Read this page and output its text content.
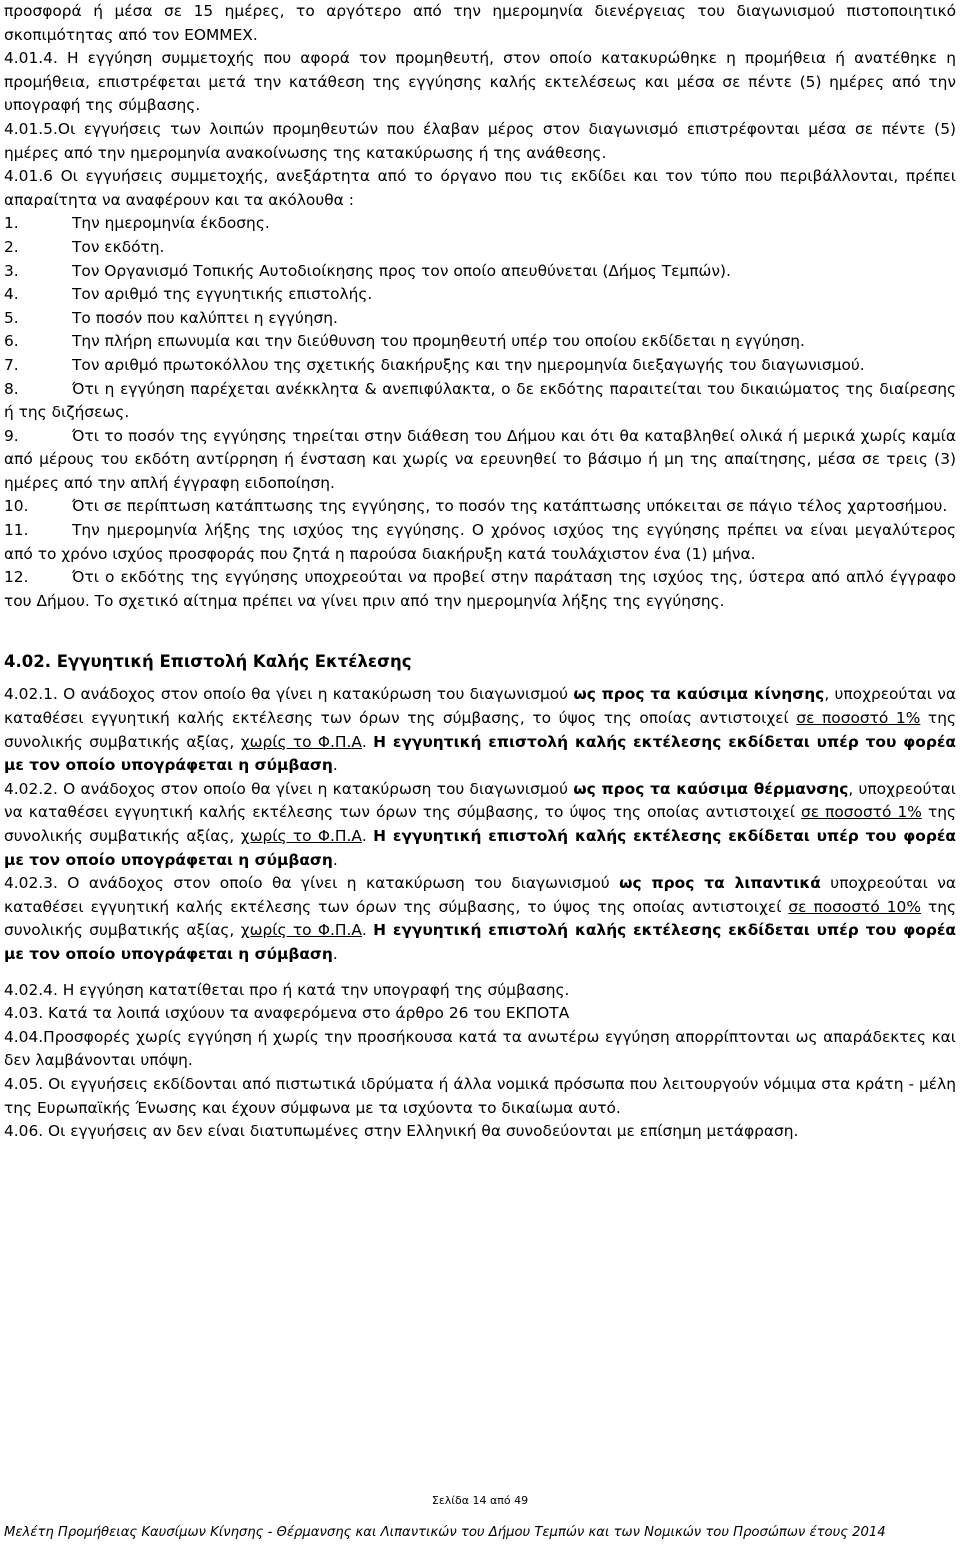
προσφορά ή μέσα σε 15 ημέρες, το αργότερο από την ημερομηνία διενέργειας του διαγωνισμού πιστοποιητικό σκοπιμότητας από τον ΕΟΜΜΕΧ.

4.01.4. Η εγγύηση συμμετοχής που αφορά τον προμηθευτή, στον οποίο κατακυρώθηκε η προμήθεια ή ανατέθηκε η προμήθεια, επιστρέφεται μετά την κατάθεση της εγγύησης καλής εκτελέσεως και μέσα σε πέντε (5) ημέρες από την υπογραφή της σύμβασης.

4.01.5.Οι εγγυήσεις των λοιπών προμηθευτών που έλαβαν μέρος στον διαγωνισμό επιστρέφονται μέσα σε πέντε (5) ημέρες από την ημερομηνία ανακοίνωσης της κατακύρωσης ή της ανάθεσης.

4.01.6 Οι εγγυήσεις συμμετοχής, ανεξάρτητα από το όργανο που τις εκδίδει και τον τύπο που περιβάλλονται, πρέπει απαραίτητα να αναφέρουν και τα ακόλουθα :

1.	Την ημερομηνία έκδοσης.

2.	Τον εκδότη.

3.	Τον Οργανισμό Τοπικής Αυτοδιοίκησης προς τον οποίο απευθύνεται (Δήμος Τεμπών).

4.	Τον αριθμό της εγγυητικής επιστολής.

5.	Το ποσόν που καλύπτει η εγγύηση.

6.	Την πλήρη επωνυμία και την διεύθυνση του προμηθευτή υπέρ του οποίου εκδίδεται η εγγύηση.

7.	Τον αριθμό πρωτοκόλλου της σχετικής διακήρυξης και την ημερομηνία διεξαγωγής του διαγωνισμού.

8.	Ότι η εγγύηση παρέχεται ανέκκλητα & ανεπιφύλακτα, ο δε εκδότης παραιτείται του δικαιώματος της διαίρεσης ή της διζήσεως.

9.	Ότι το ποσόν της εγγύησης τηρείται στην διάθεση του Δήμου και ότι θα καταβληθεί ολικά ή μερικά χωρίς καμία από μέρους του εκδότη αντίρρηση ή ένσταση και χωρίς να ερευνηθεί το βάσιμο ή μη της απαίτησης, μέσα σε τρεις (3) ημέρες από την απλή έγγραφη ειδοποίηση.

10.	Ότι σε περίπτωση κατάπτωσης της εγγύησης, το ποσόν της κατάπτωσης υπόκειται σε πάγιο τέλος χαρτοσήμου.

11.	Την ημερομηνία λήξης της ισχύος της εγγύησης. Ο χρόνος ισχύος της εγγύησης πρέπει να είναι μεγαλύτερος από το χρόνο ισχύος προσφοράς που ζητά η παρούσα διακήρυξη κατά τουλάχιστον ένα (1) μήνα.

12.	Ότι ο εκδότης της εγγύησης υποχρεούται να προβεί στην παράταση της ισχύος της, ύστερα από απλό έγγραφο του Δήμου. Το σχετικό αίτημα πρέπει να γίνει πριν από την ημερομηνία λήξης της εγγύησης.

4.02. Εγγυητική Επιστολή Καλής Εκτέλεσης

4.02.1. Ο ανάδοχος στον οποίο θα γίνει η κατακύρωση του διαγωνισμού ως προς τα καύσιμα κίνησης, υποχρεούται να καταθέσει εγγυητική καλής εκτέλεσης των όρων της σύμβασης, το ύψος της οποίας αντιστοιχεί σε ποσοστό 1% της συνολικής συμβατικής αξίας, χωρίς το Φ.Π.Α. Η εγγυητική επιστολή καλής εκτέλεσης εκδίδεται υπέρ του φορέα με τον οποίο υπογράφεται η σύμβαση.

4.02.2. Ο ανάδοχος στον οποίο θα γίνει η κατακύρωση του διαγωνισμού ως προς τα καύσιμα θέρμανσης, υποχρεούται να καταθέσει εγγυητική καλής εκτέλεσης των όρων της σύμβασης, το ύψος της οποίας αντιστοιχεί σε ποσοστό 1% της συνολικής συμβατικής αξίας, χωρίς το Φ.Π.Α. Η εγγυητική επιστολή καλής εκτέλεσης εκδίδεται υπέρ του φορέα με τον οποίο υπογράφεται η σύμβαση.

4.02.3. Ο ανάδοχος στον οποίο θα γίνει η κατακύρωση του διαγωνισμού ως προς τα λιπαντικά υποχρεούται να καταθέσει εγγυητική καλής εκτέλεσης των όρων της σύμβασης, το ύψος της οποίας αντιστοιχεί σε ποσοστό 10% της συνολικής συμβατικής αξίας, χωρίς το Φ.Π.Α. Η εγγυητική επιστολή καλής εκτέλεσης εκδίδεται υπέρ του φορέα με τον οποίο υπογράφεται η σύμβαση.

4.02.4. Η εγγύηση κατατίθεται προ ή κατά την υπογραφή της σύμβασης.

4.03. Κατά τα λοιπά ισχύουν τα αναφερόμενα στο άρθρο 26 του ΕΚΠΟΤΑ

4.04.Προσφορές χωρίς εγγύηση ή χωρίς την προσήκουσα κατά τα ανωτέρω εγγύηση απορρίπτονται ως απαράδεκτες και δεν λαμβάνονται υπόψη.

4.05. Οι εγγυήσεις εκδίδονται από πιστωτικά ιδρύματα ή άλλα νομικά πρόσωπα που λειτουργούν νόμιμα στα κράτη - μέλη της Ευρωπαϊκής Ένωσης και έχουν σύμφωνα με τα ισχύοντα το δικαίωμα αυτό.

4.06. Οι εγγυήσεις αν δεν είναι διατυπωμένες στην Ελληνική θα συνοδεύονται με επίσημη μετάφραση.

Σελίδα 14 από 49
Μελέτη Προμήθειας Καυσίμων Κίνησης - Θέρμανσης και Λιπαντικών του Δήμου Τεμπών και των Νομικών του Προσώπων έτους 2014
